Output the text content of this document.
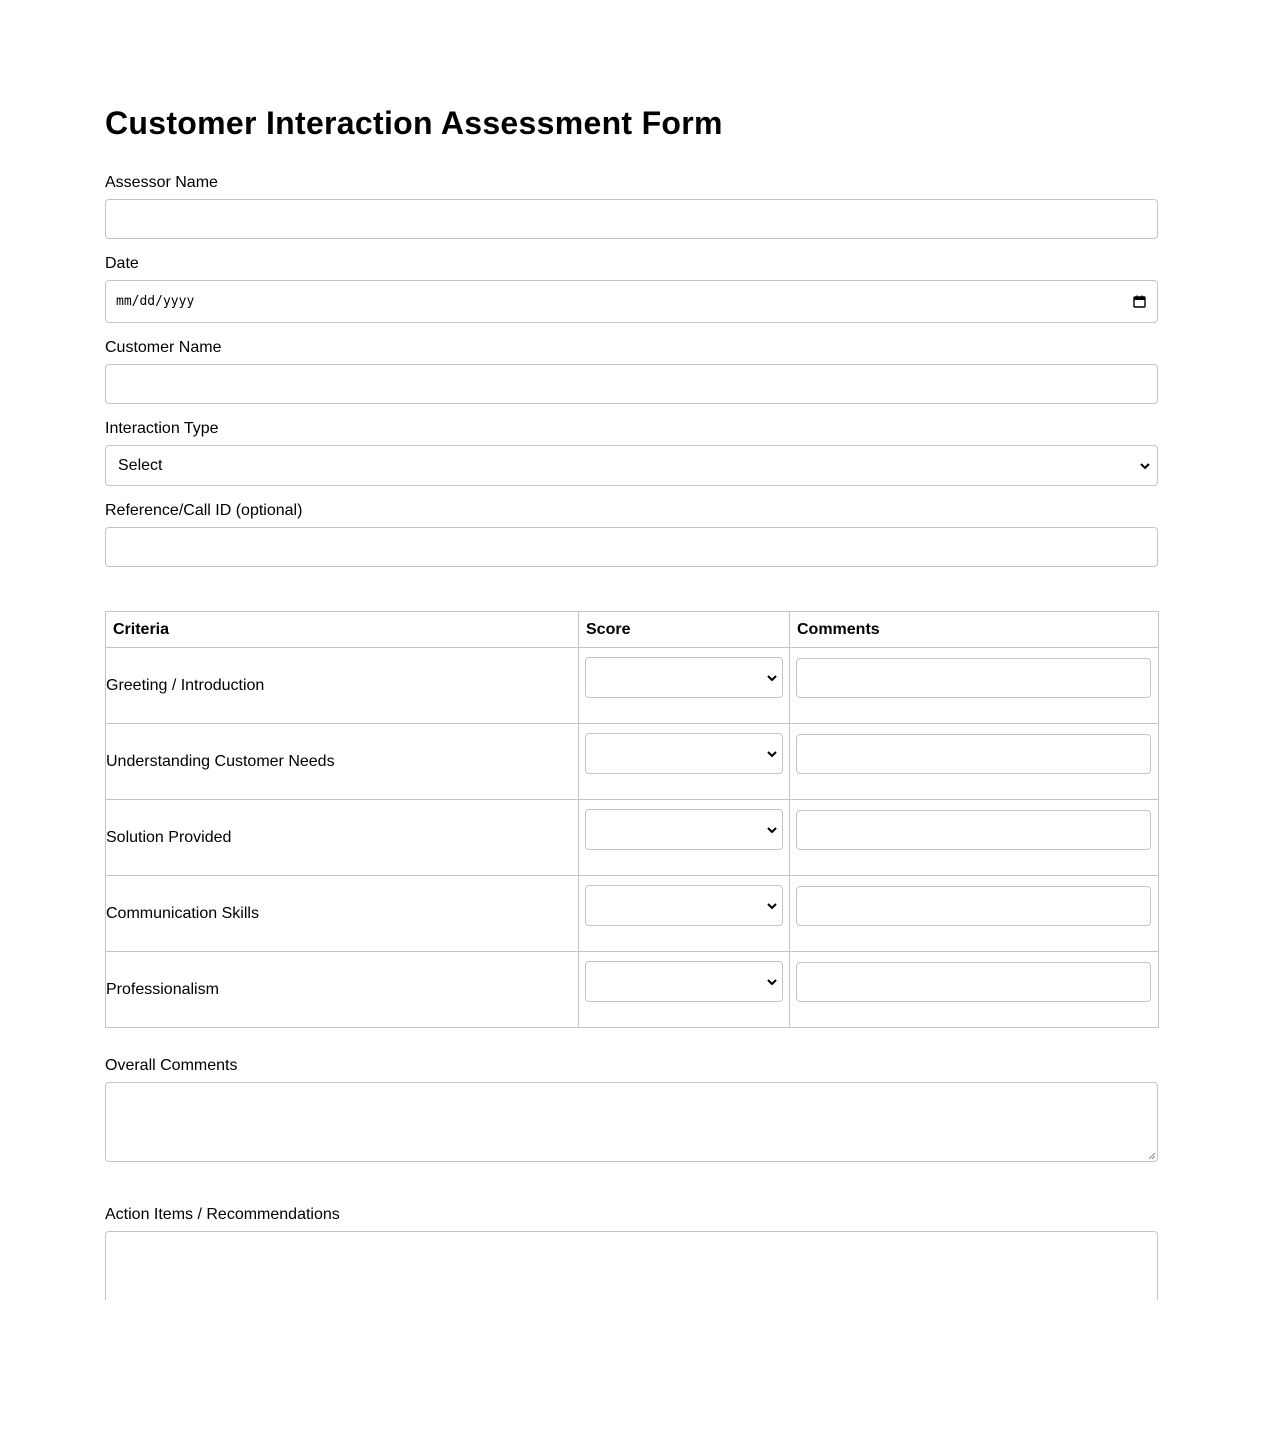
Customer Interaction Assessment Form
Assessor Name
Date
mm/dd/yyyy
Customer Name
Interaction Type
Select
Reference/Call ID (optional)
Criteria	Score	Comments
Greeting / Introduction	

Understanding Customer Needs	

Solution Provided	

Communication Skills	

Professionalism	

Overall Comments
Action Items / Recommendations
